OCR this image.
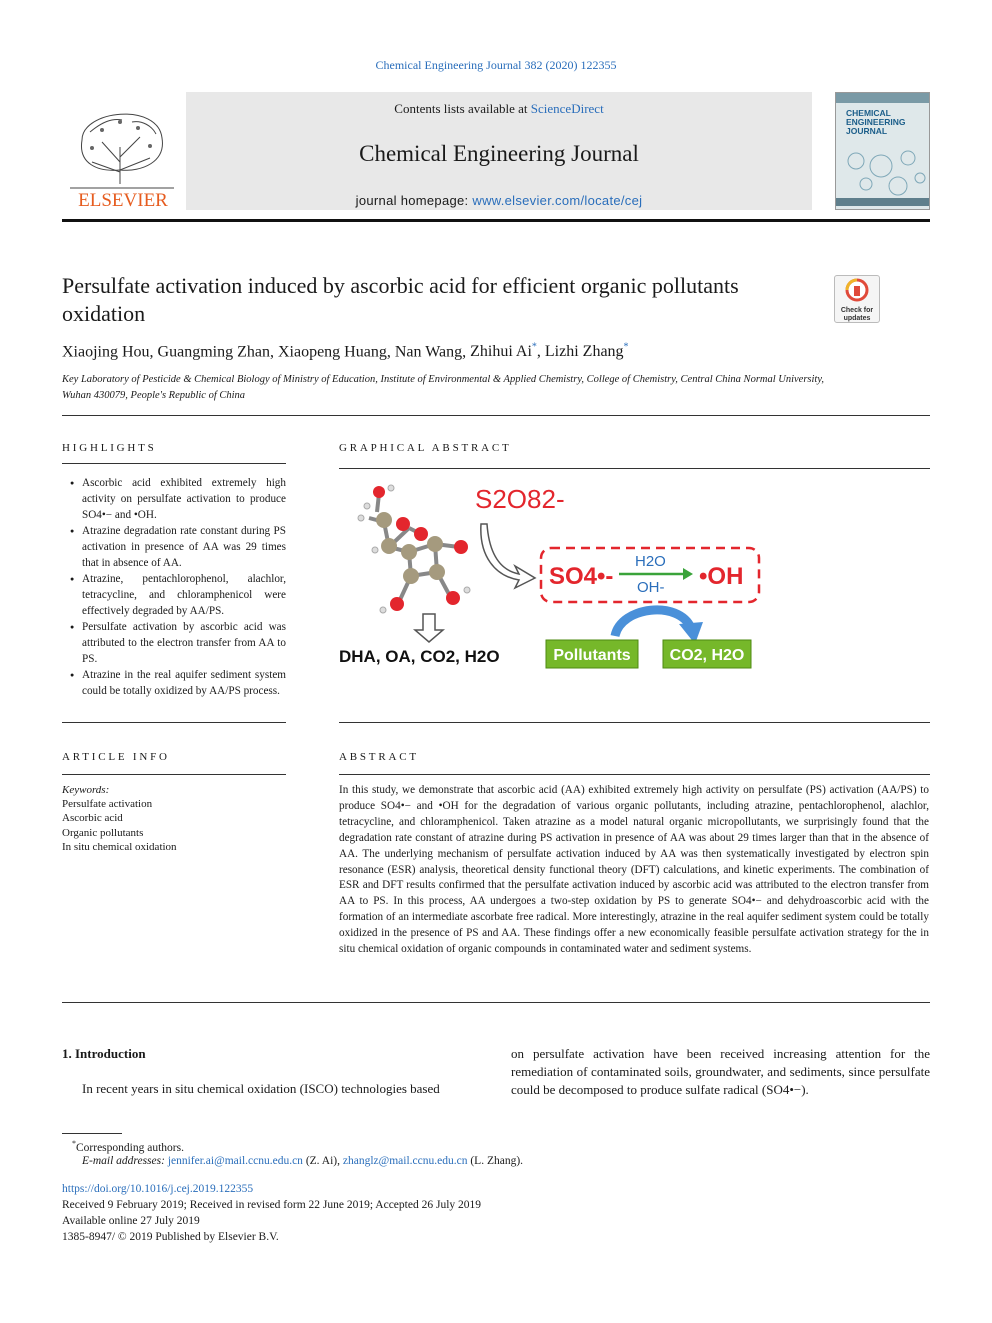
Chemical Engineering Journal 382 (2020) 122355
ELSEVIER
Contents lists available at ScienceDirect
Chemical Engineering Journal
journal homepage: www.elsevier.com/locate/cej
CHEMICAL ENGINEERING JOURNAL
Persulfate activation induced by ascorbic acid for efficient organic pollutants oxidation	Check for
updates
Xiaojing Hou, Guangming Zhan, Xiaopeng Huang, Nan Wang, Zhihui Ai*, Lizhi Zhang*
Key Laboratory of Pesticide & Chemical Biology of Ministry of Education, Institute of Environmental & Applied Chemistry, College of Chemistry, Central China Normal University, Wuhan 430079, People's Republic of China
HIGHLIGHTS
● Ascorbic acid exhibited extremely high activity on persulfate activation to produce SO4•− and •OH.
● Atrazine degradation rate constant during PS activation in presence of AA was 29 times that in absence of AA.
● Atrazine, pentachlorophenol, alachlor, tetracycline, and chloramphenicol were effectively degraded by AA/PS.
● Persulfate activation by ascorbic acid was attributed to the electron transfer from AA to PS.
● Atrazine in the real aquifer sediment system could be totally oxidized by AA/PS process.
GRAPHICAL ABSTRACT
DHA, OA, CO2, H2O
S2O82-
SO4•-
H2O
OH- •OH
Pollutants CO2, H2O
ARTICLE INFO
Keywords:
Persulfate activation
Ascorbic acid
Organic pollutants
In situ chemical oxidation
ABSTRACT
In this study, we demonstrate that ascorbic acid (AA) exhibited extremely high activity on persulfate (PS) activation (AA/PS) to produce SO4•− and •OH for the degradation of various organic pollutants, including atrazine, pentachlorophenol, alachlor, tetracycline, and chloramphenicol. Taken atrazine as a model natural organic micropollutants, we surprisingly found that the degradation rate constant of atrazine during PS activation in presence of AA was about 29 times larger than that in the absence of AA. The underlying mechanism of persulfate activation induced by AA was then systematically investigated by electron spin resonance (ESR) analysis, theoretical density functional theory (DFT) calculations, and kinetic experiments. The combination of ESR and DFT results confirmed that the persulfate activation induced by ascorbic acid was attributed to the electron transfer from AA to PS. In this process, AA undergoes a two-step oxidation by PS to generate SO4•− and dehydroascorbic acid with the formation of an intermediate ascorbate free radical. More interestingly, atrazine in the real aquifer sediment system could be totally oxidized in the presence of PS and AA. These findings offer a new economically feasible persulfate activation strategy for the in situ chemical oxidation of organic compounds in contaminated water and sediment systems.
1. Introduction
In recent years in situ chemical oxidation (ISCO) technologies based
on persulfate activation have been received increasing attention for the remediation of contaminated soils, groundwater, and sediments, since persulfate could be decomposed to produce sulfate radical (SO4•−).
*Corresponding authors.
E-mail addresses: jennifer.ai@mail.ccnu.edu.cn (Z. Ai), zhanglz@mail.ccnu.edu.cn (L. Zhang).
https://doi.org/10.1016/j.cej.2019.122355
Received 9 February 2019; Received in revised form 22 June 2019; Accepted 26 July 2019
Available online 27 July 2019
1385-8947/ © 2019 Published by Elsevier B.V.
